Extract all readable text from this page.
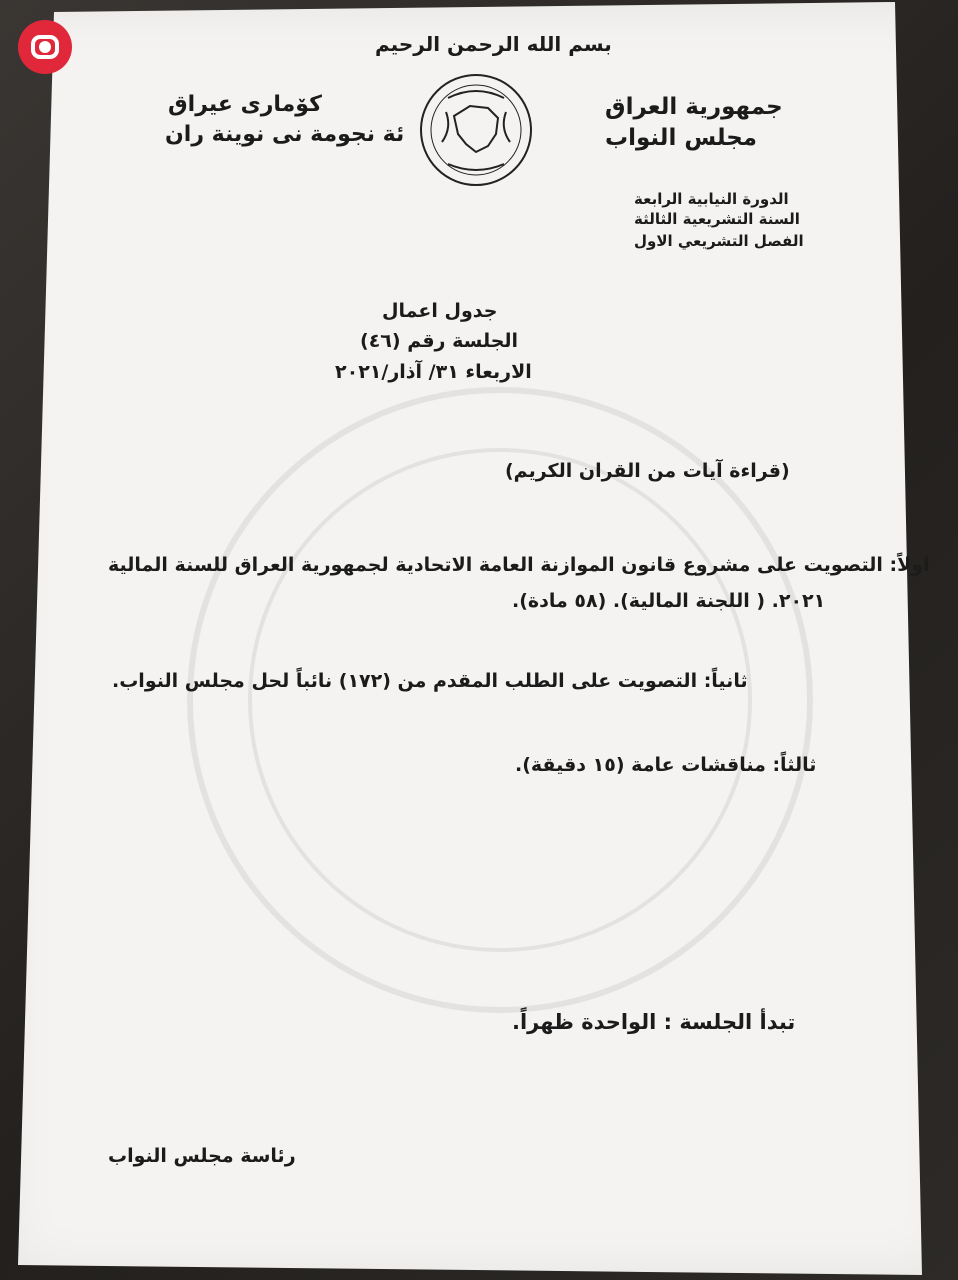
بسم الله الرحمن الرحيم
جمهورية العراق
مجلس النواب
كۆمارى عيراق
ئة نجومة نى نوينة ران
الدورة النيابية الرابعة
السنة التشريعية الثالثة
الفصل التشريعي الاول
جدول اعمال
الجلسة رقم (٤٦)
الاربعاء ٣١/ آذار/٢٠٢١
(قراءة آيات من القران الكريم)
اولاً: التصويت على مشروع قانون الموازنة العامة الاتحادية لجمهورية العراق للسنة المالية
٢٠٢١. ( اللجنة المالية). (٥٨ مادة).
ثانياً: التصويت على الطلب المقدم من (١٧٢) نائباً لحل مجلس النواب.
ثالثاً: مناقشات عامة (١٥ دقيقة).
تبدأ الجلسة : الواحدة ظهراً.
رئاسة مجلس النواب
